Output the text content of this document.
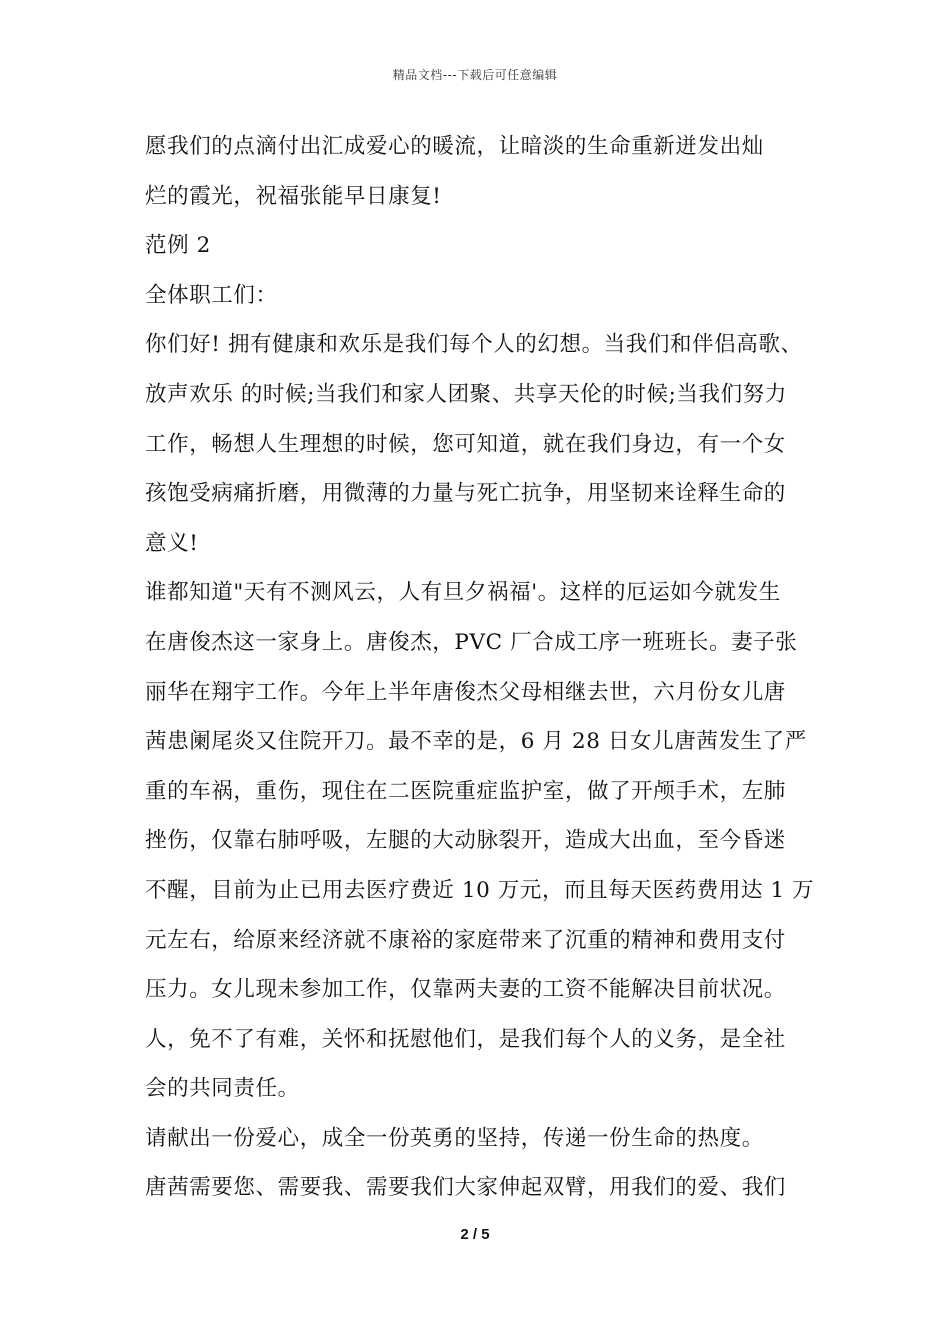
精品文档---下载后可任意编辑
愿我们的点滴付出汇成爱心的暖流，让暗淡的生命重新迸发出灿
烂的霞光，祝福张能早日康复!
范例 2
全体职工们：
你们好! 拥有健康和欢乐是我们每个人的幻想。当我们和伴侣高歌、
放声欢乐 的时候;当我们和家人团聚、共享天伦的时候;当我们努力
工作，畅想人生理想的时候，您可知道，就在我们身边，有一个女
孩饱受病痛折磨，用微薄的力量与死亡抗争，用坚韧来诠释生命的
意义!
谁都知道"天有不测风云，人有旦夕祸福'。这样的厄运如今就发生
在唐俊杰这一家身上。唐俊杰，PVC 厂合成工序一班班长。妻子张
丽华在翔宇工作。今年上半年唐俊杰父母相继去世，六月份女儿唐
茜患阑尾炎又住院开刀。最不幸的是，6 月 28 日女儿唐茜发生了严
重的车祸，重伤，现住在二医院重症监护室，做了开颅手术，左肺
挫伤，仅靠右肺呼吸，左腿的大动脉裂开，造成大出血，至今昏迷
不醒，目前为止已用去医疗费近 10 万元，而且每天医药费用达 1 万
元左右，给原来经济就不康裕的家庭带来了沉重的精神和费用支付
压力。女儿现未参加工作，仅靠两夫妻的工资不能解决目前状况。
人，免不了有难，关怀和抚慰他们，是我们每个人的义务，是全社
会的共同责任。
请献出一份爱心，成全一份英勇的坚持，传递一份生命的热度。
唐茜需要您、需要我、需要我们大家伸起双臂，用我们的爱、我们
2 / 5
